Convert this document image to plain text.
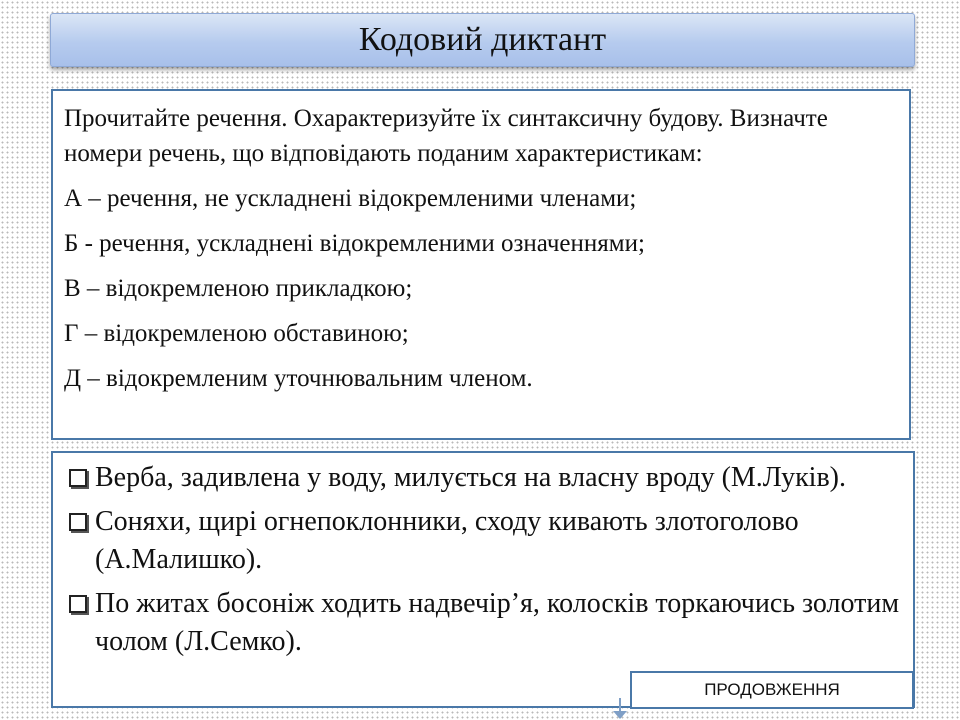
Кодовий диктант

Прочитайте речення. Охарактеризуйте їх синтаксичну будову. Визначте номери речень, що відповідають поданим характеристикам:

А – речення, не ускладнені відокремленими членами;

Б - речення, ускладнені відокремленими означеннями;

В – відокремленою прикладкою;

Г – відокремленою обставиною;

Д – відокремленим уточнювальним членом.

Верба, задивлена у воду, милується на власну вроду (М.Луків).
Соняхи, щирі огнепоклонники, сходу кивають злотоголово (А.Малишко).
По житах босоніж ходить надвечір’я, колосків торкаючись золотим чолом (Л.Семко).
ПРОДОВЖЕННЯ
